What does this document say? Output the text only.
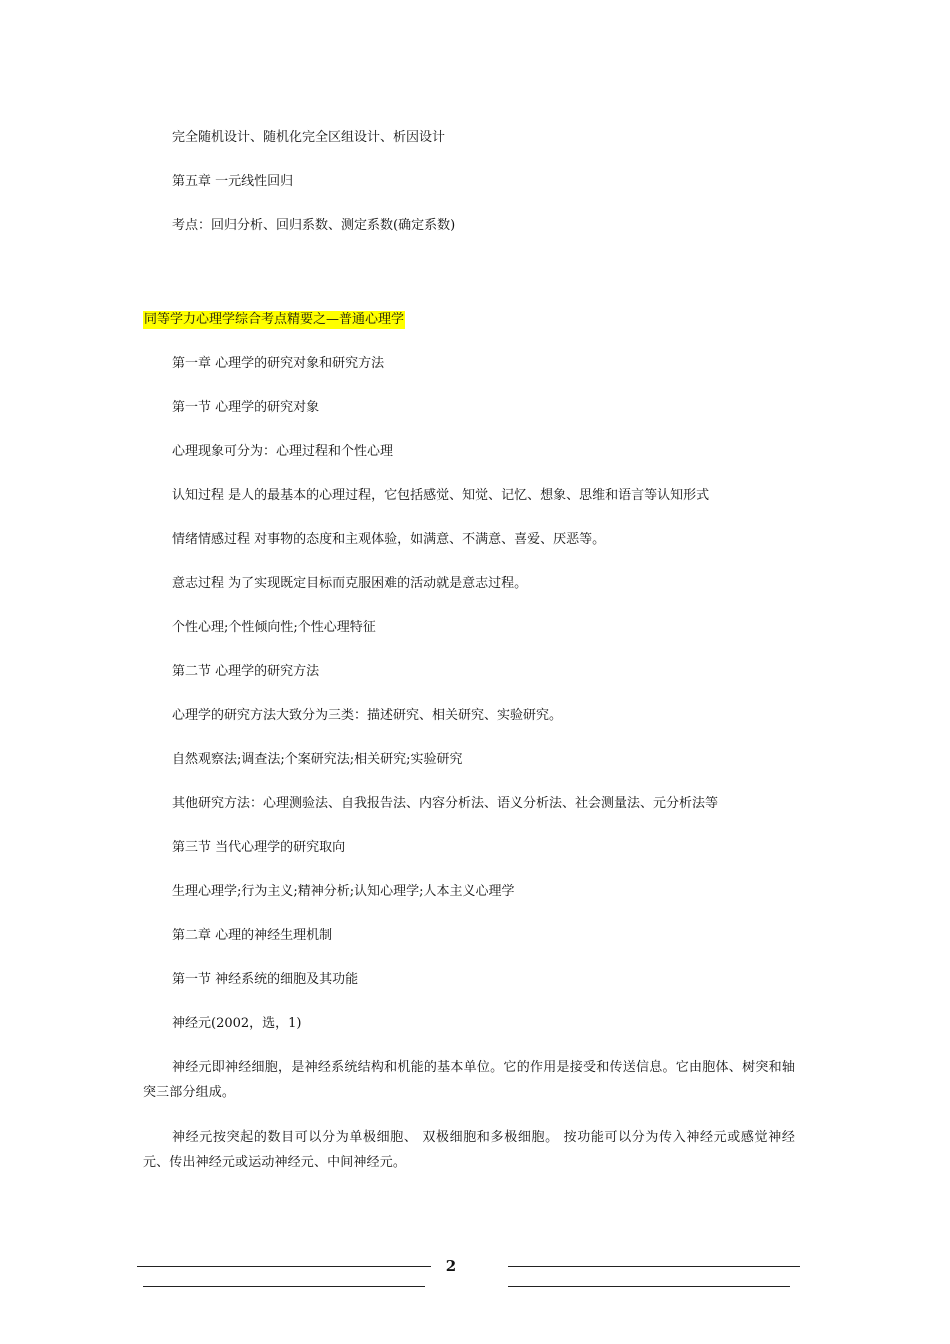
完全随机设计、随机化完全区组设计、析因设计
第五章 一元线性回归
考点：回归分析、回归系数、测定系数(确定系数)
同等学力心理学综合考点精要之—普通心理学
第一章 心理学的研究对象和研究方法
第一节 心理学的研究对象
心理现象可分为：心理过程和个性心理
认知过程 是人的最基本的心理过程，它包括感觉、知觉、记忆、想象、思维和语言等认知形式
情绪情感过程 对事物的态度和主观体验，如满意、不满意、喜爱、厌恶等。
意志过程 为了实现既定目标而克服困难的活动就是意志过程。
个性心理;个性倾向性;个性心理特征
第二节 心理学的研究方法
心理学的研究方法大致分为三类：描述研究、相关研究、实验研究。
自然观察法;调查法;个案研究法;相关研究;实验研究
其他研究方法：心理测验法、自我报告法、内容分析法、语义分析法、社会测量法、元分析法等
第三节 当代心理学的研究取向
生理心理学;行为主义;精神分析;认知心理学;人本主义心理学
第二章 心理的神经生理机制
第一节 神经系统的细胞及其功能
神经元(2002，选，1)
神经元即神经细胞，是神经系统结构和机能的基本单位。它的作用是接受和传送信息。它由胞体、树突和轴突三部分组成。
神经元按突起的数目可以分为单极细胞、 双极细胞和多极细胞。 按功能可以分为传入神经元或感觉神经元、传出神经元或运动神经元、中间神经元。
2
